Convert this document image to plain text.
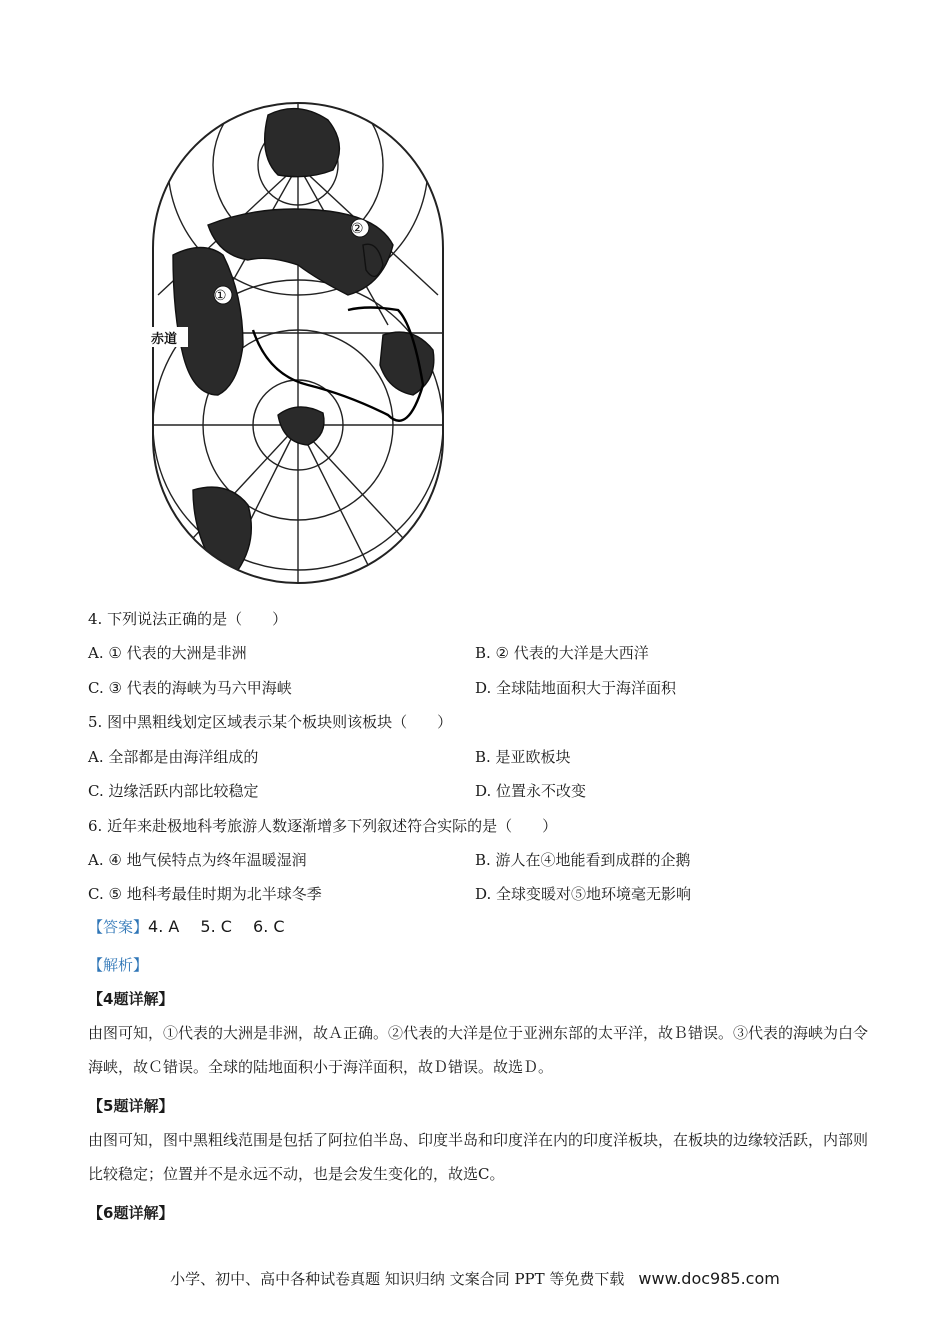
赤道
①
②
4. 下列说法正确的是（　　）
A. ① 代表的大洲是非洲	B. ② 代表的大洋是大西洋
C. ③ 代表的海峡为马六甲海峡	D. 全球陆地面积大于海洋面积
5. 图中黑粗线划定区域表示某个板块则该板块（　　）
A. 全部都是由海洋组成的	B. 是亚欧板块
C. 边缘活跃内部比较稳定	D. 位置永不改变
6. 近年来赴极地科考旅游人数逐渐增多下列叙述符合实际的是（　　）
A. ④ 地气侯特点为终年温暖湿润	B. 游人在④地能看到成群的企鹅
C. ⑤ 地科考最佳时期为北半球冬季	D. 全球变暖对⑤地环境毫无影响
【答案】4. A　 5. C　 6. C
【解析】
【4题详解】
由图可知，①代表的大洲是非洲，故Ａ正确。②代表的大洋是位于亚洲东部的太平洋，故Ｂ错误。③代表的海峡为白令海峡，故Ｃ错误。全球的陆地面积小于海洋面积，故Ｄ错误。故选Ｄ。
【5题详解】
由图可知，图中黑粗线范围是包括了阿拉伯半岛、印度半岛和印度洋在内的印度洋板块，在板块的边缘较活跃，内部则比较稳定；位置并不是永远不动，也是会发生变化的，故选C。
【6题详解】
小学、初中、高中各种试卷真题 知识归纳 文案合同 PPT 等免费下载 www.doc985.com
